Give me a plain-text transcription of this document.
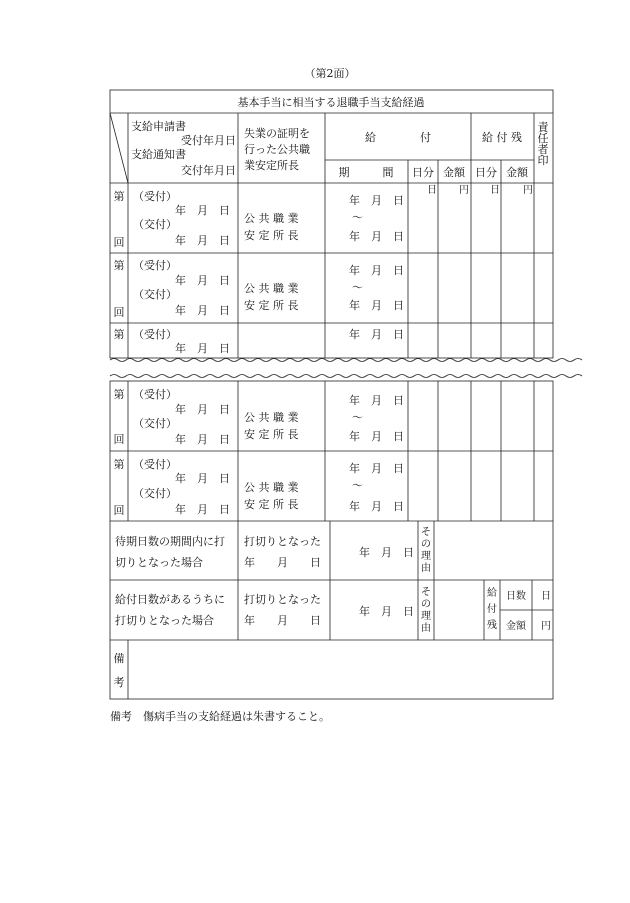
（第2面）
基本手当に相当する退職手当支給経過
支給申請書
受付年月日
支給通知書
交付年月日
失業の証明を
行った公共職
業安定所長
給　　　　付	給 付 残
責
任
者
印
期　　　間 日分 金額 日分 金額
日 円 日 円
第
回
（受付）
年　月　日
（交付）
年　月　日
公 共 職 業
安 定 所 長
年　月　日
〜
年　月　日
第
回
（受付）
年　月　日
（交付）
年　月　日
公 共 職 業
安 定 所 長
年　月　日
〜
年　月　日
第 （受付）
年　月　日
年　月　日
第
回
（受付）
年　月　日
（交付）
年　月　日
公 共 職 業
安 定 所 長
年　月　日
〜
年　月　日
第
回
（受付）
年　月　日
（交付）
年　月　日
公 共 職 業
安 定 所 長
年　月　日
〜
年　月　日
待期日数の期間内に打
切りとなった場合
打切りとなった
年　　月　　日
年　月　日
そ
の
理
由
給付日数があるうちに
打切りとなった場合
打切りとなった
年　　月　　日
年　月　日
そ
の
理
由
給
付
残
日数 日
金額 円
備
考
備考　傷病手当の支給経過は朱書すること。
